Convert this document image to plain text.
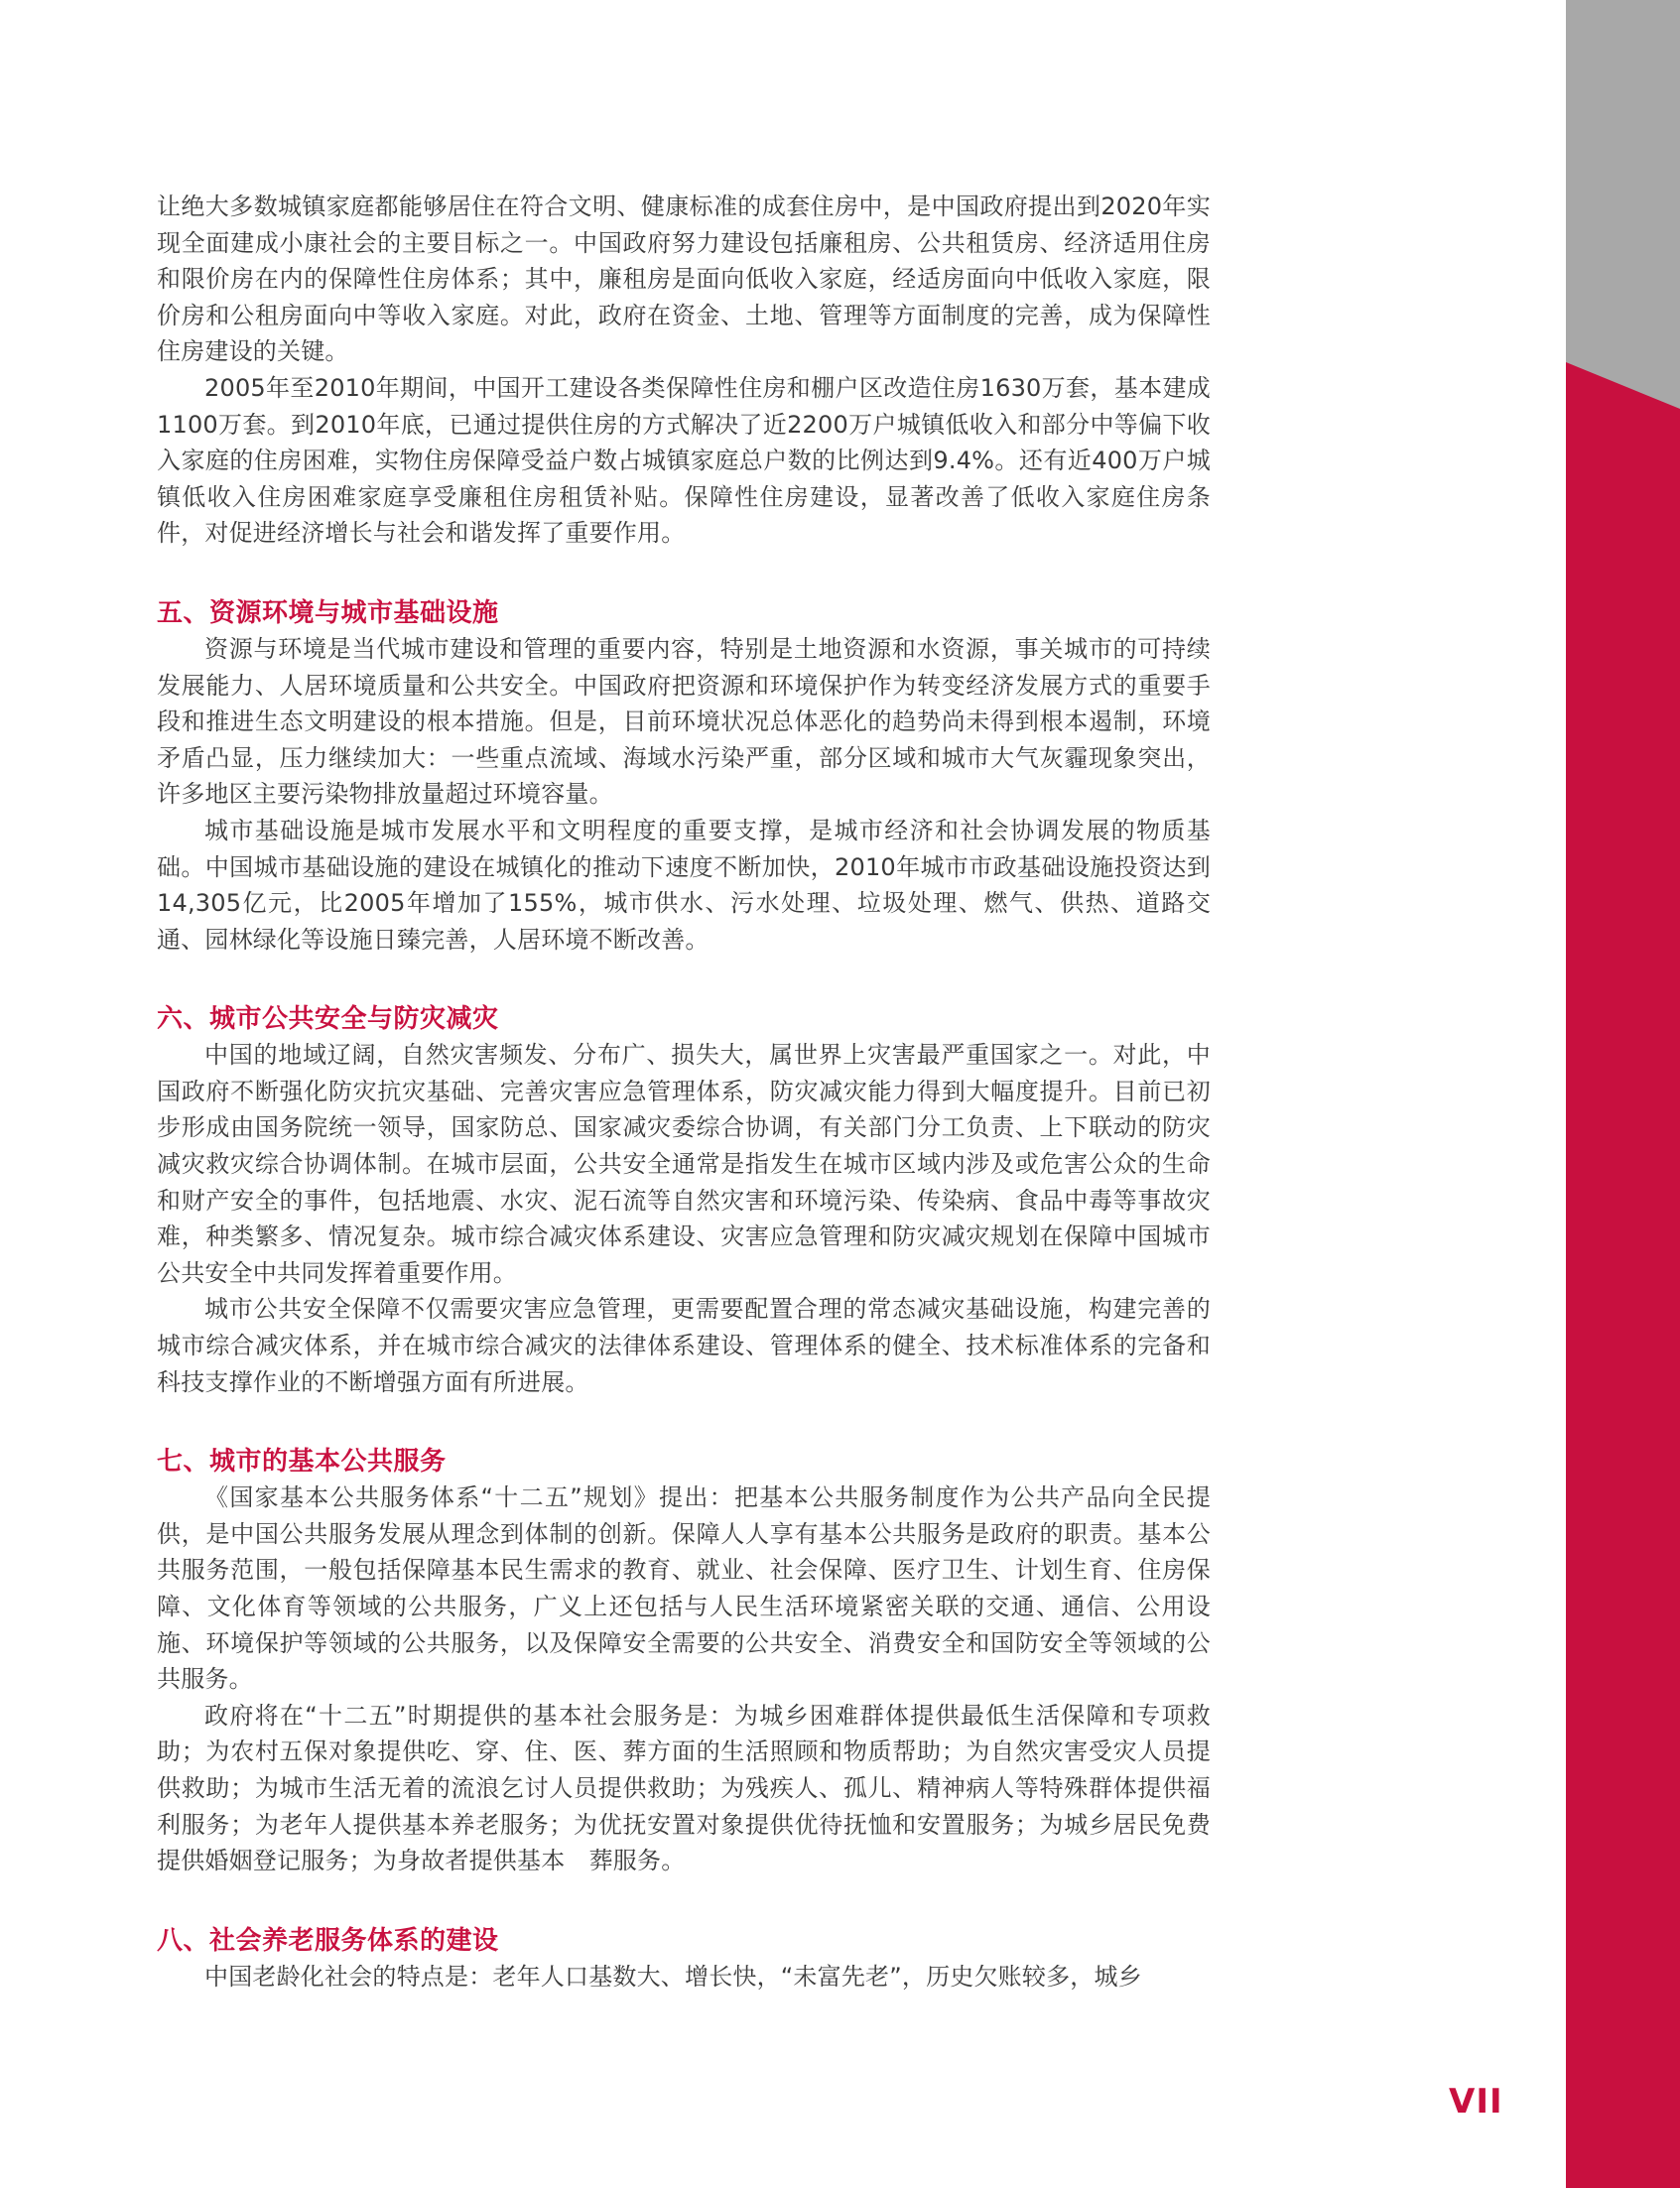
让绝大多数城镇家庭都能够居住在符合文明、健康标准的成套住房中，是中国政府提出到2020年实现全面建成小康社会的主要目标之一。中国政府努力建设包括廉租房、公共租赁房、经济适用住房和限价房在内的保障性住房体系；其中，廉租房是面向低收入家庭，经适房面向中低收入家庭，限价房和公租房面向中等收入家庭。对此，政府在资金、土地、管理等方面制度的完善，成为保障性住房建设的关键。

2005年至2010年期间，中国开工建设各类保障性住房和棚户区改造住房1630万套，基本建成1100万套。到2010年底，已通过提供住房的方式解决了近2200万户城镇低收入和部分中等偏下收入家庭的住房困难，实物住房保障受益户数占城镇家庭总户数的比例达到9.4%。还有近400万户城镇低收入住房困难家庭享受廉租住房租赁补贴。保障性住房建设，显著改善了低收入家庭住房条件，对促进经济增长与社会和谐发挥了重要作用。

五、资源环境与城市基础设施

资源与环境是当代城市建设和管理的重要内容，特别是土地资源和水资源，事关城市的可持续发展能力、人居环境质量和公共安全。中国政府把资源和环境保护作为转变经济发展方式的重要手段和推进生态文明建设的根本措施。但是，目前环境状况总体恶化的趋势尚未得到根本遏制，环境矛盾凸显，压力继续加大：一些重点流域、海域水污染严重，部分区域和城市大气灰霾现象突出，许多地区主要污染物排放量超过环境容量。

城市基础设施是城市发展水平和文明程度的重要支撑，是城市经济和社会协调发展的物质基础。中国城市基础设施的建设在城镇化的推动下速度不断加快，2010年城市市政基础设施投资达到14,305亿元，比2005年增加了155%，城市供水、污水处理、垃圾处理、燃气、供热、道路交通、园林绿化等设施日臻完善，人居环境不断改善。

六、城市公共安全与防灾减灾

中国的地域辽阔，自然灾害频发、分布广、损失大，属世界上灾害最严重国家之一。对此，中国政府不断强化防灾抗灾基础、完善灾害应急管理体系，防灾减灾能力得到大幅度提升。目前已初步形成由国务院统一领导，国家防总、国家减灾委综合协调，有关部门分工负责、上下联动的防灾减灾救灾综合协调体制。在城市层面，公共安全通常是指发生在城市区域内涉及或危害公众的生命和财产安全的事件，包括地震、水灾、泥石流等自然灾害和环境污染、传染病、食品中毒等事故灾难，种类繁多、情况复杂。城市综合减灾体系建设、灾害应急管理和防灾减灾规划在保障中国城市公共安全中共同发挥着重要作用。

城市公共安全保障不仅需要灾害应急管理，更需要配置合理的常态减灾基础设施，构建完善的城市综合减灾体系，并在城市综合减灾的法律体系建设、管理体系的健全、技术标准体系的完备和科技支撑作业的不断增强方面有所进展。

七、城市的基本公共服务

《国家基本公共服务体系“十二五”规划》提出：把基本公共服务制度作为公共产品向全民提供，是中国公共服务发展从理念到体制的创新。保障人人享有基本公共服务是政府的职责。基本公共服务范围，一般包括保障基本民生需求的教育、就业、社会保障、医疗卫生、计划生育、住房保障、文化体育等领域的公共服务，广义上还包括与人民生活环境紧密关联的交通、通信、公用设施、环境保护等领域的公共服务，以及保障安全需要的公共安全、消费安全和国防安全等领域的公共服务。

政府将在“十二五”时期提供的基本社会服务是：为城乡困难群体提供最低生活保障和专项救助；为农村五保对象提供吃、穿、住、医、葬方面的生活照顾和物质帮助；为自然灾害受灾人员提供救助；为城市生活无着的流浪乞讨人员提供救助；为残疾人、孤儿、精神病人等特殊群体提供福利服务；为老年人提供基本养老服务；为优抚安置对象提供优待抚恤和安置服务；为城乡居民免费提供婚姻登记服务；为身故者提供基本　葬服务。

八、社会养老服务体系的建设

中国老龄化社会的特点是：老年人口基数大、增长快，“未富先老”，历史欠账较多，城乡

VII
